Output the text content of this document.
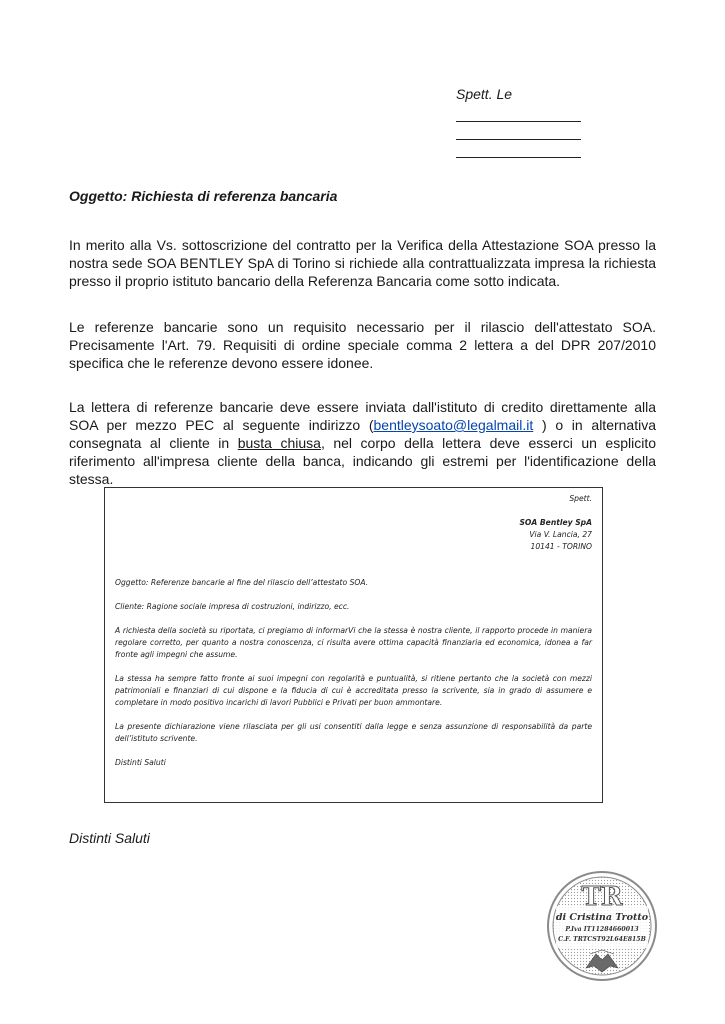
Spett. Le
Oggetto: Richiesta di referenza bancaria
In merito alla Vs. sottoscrizione del contratto per la Verifica della Attestazione SOA presso la nostra sede SOA BENTLEY SpA di Torino si richiede alla contrattualizzata impresa la richiesta presso il proprio istituto bancario della Referenza Bancaria come sotto indicata.
Le referenze bancarie sono un requisito necessario per il rilascio dell'attestato SOA. Precisamente l'Art. 79. Requisiti di ordine speciale comma 2 lettera a del DPR 207/2010 specifica che le referenze devono essere idonee.
La lettera di referenze bancarie deve essere inviata dall'istituto di credito direttamente alla SOA per mezzo PEC al seguente indirizzo (bentleysoato@legalmail.it ) o in alternativa consegnata al cliente in busta chiusa, nel corpo della lettera deve esserci un esplicito riferimento all'impresa cliente della banca, indicando gli estremi per l'identificazione della stessa.
Spett.
SOA Bentley SpA
Via V. Lancia, 27
10141 - TORINO

Oggetto: Referenze bancarie al fine del rilascio dell’attestato SOA.

Cliente: Ragione sociale impresa di costruzioni, indirizzo, ecc.

A richiesta della società su riportata, ci pregiamo di informarVi che la stessa è nostra cliente, il rapporto procede in maniera regolare corretto, per quanto a nostra conoscenza, ci risulta avere ottima capacità finanziaria ed economica, idonea a far fronte agli impegni che assume.

La stessa ha sempre fatto fronte ai suoi impegni con regolarità e puntualità, si ritiene pertanto che la società con mezzi patrimoniali e finanziari di cui dispone e la fiducia di cui è accreditata presso la scrivente, sia in grado di assumere e completare in modo positivo incarichi di lavori Pubblici e Privati per buon ammontare.

La presente dichiarazione viene rilasciata per gli usi consentiti dalla legge e senza assunzione di responsabilità da parte dell’istituto scrivente.

Distinti Saluti

Distinti Saluti
TR
di Cristina Trotto
P.Iva IT11284660013
C.F. TRTCST92L64E815B
